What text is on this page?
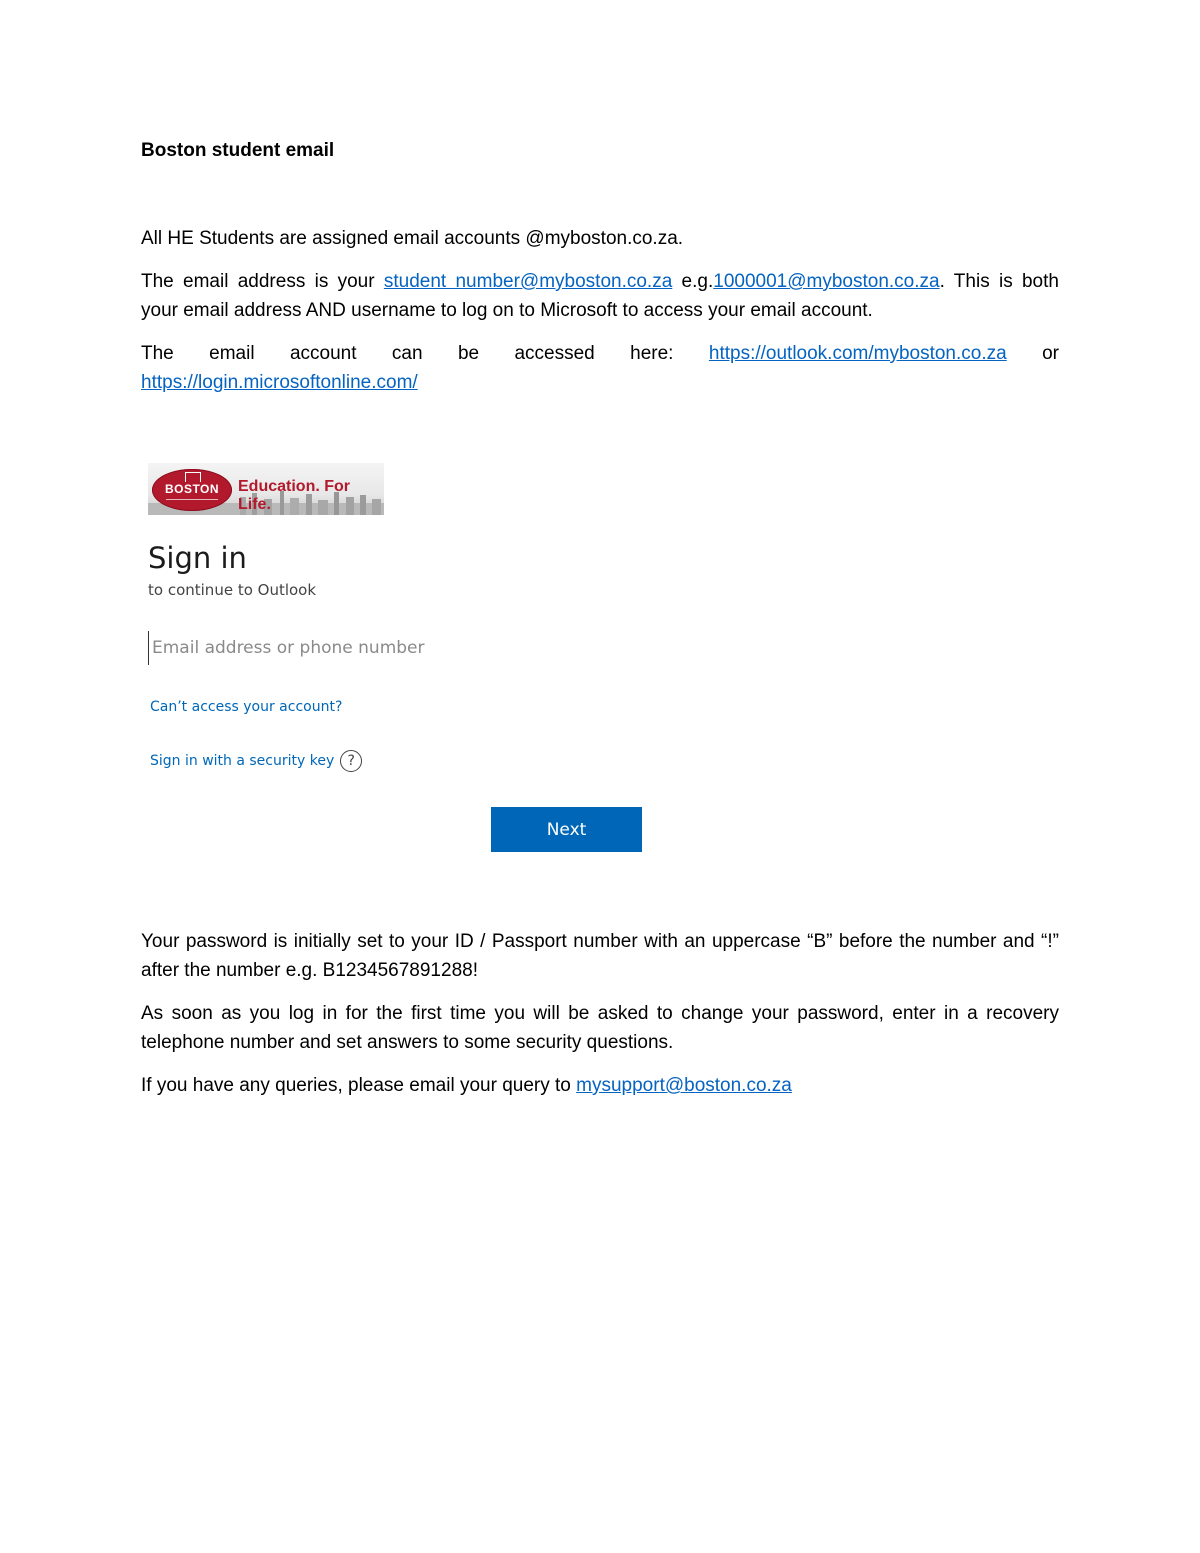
Boston student email

All HE Students are assigned email accounts @myboston.co.za.

The email address is your student number@myboston.co.za e.g.1000001@myboston.co.za. This is both your email address AND username to log on to Microsoft to access your email account.

The email account can be accessed here: https://outlook.com/myboston.co.za or https://login.microsoftonline.com/

BOSTON	Education. For Life.
Sign in
to continue to Outlook
Email address or phone number
Can’t access your account?
Sign in with a security key ?
Next

Your password is initially set to your ID / Passport number with an uppercase “B” before the number and “!” after the number e.g. B1234567891288!

As soon as you log in for the first time you will be asked to change your password, enter in a recovery telephone number and set answers to some security questions.

If you have any queries, please email your query to mysupport@boston.co.za
